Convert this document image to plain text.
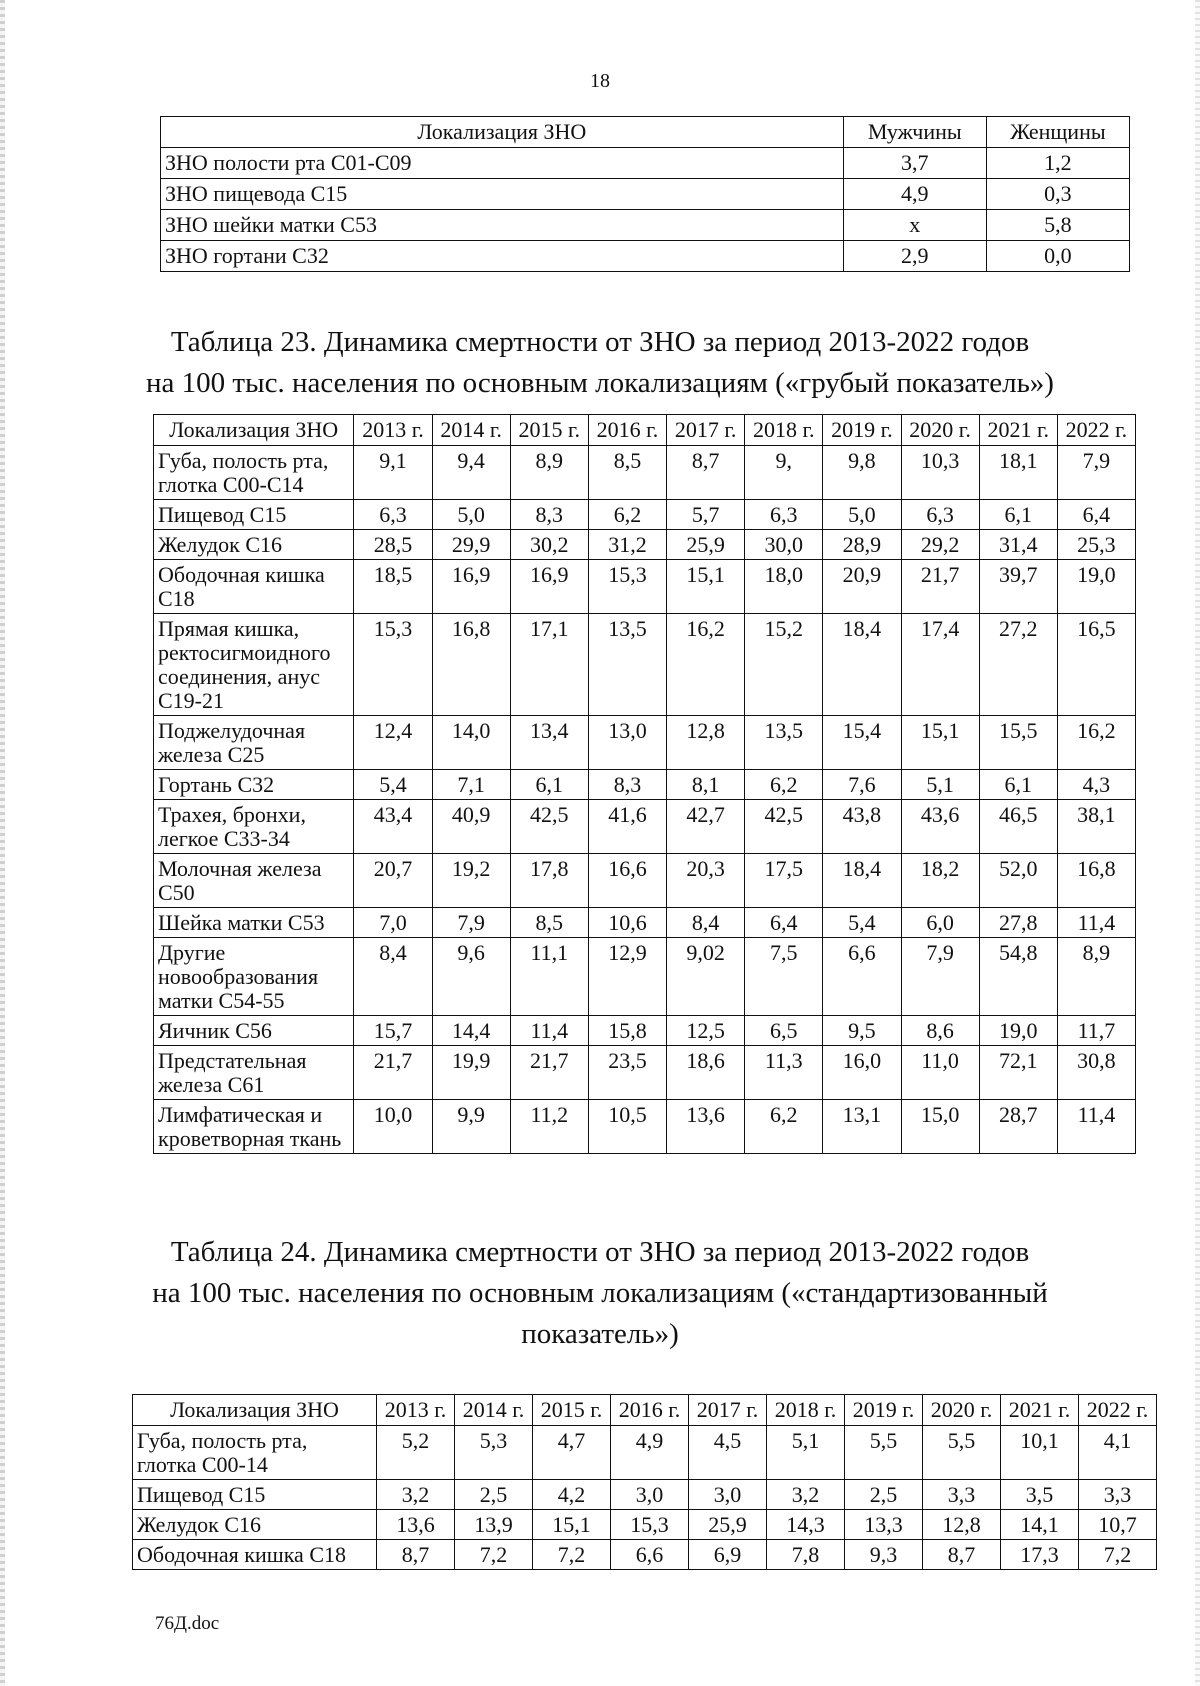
18
Локализация ЗНО	Мужчины	Женщины
ЗНО полости рта С01-С09	3,7	1,2
ЗНО пищевода С15	4,9	0,3
ЗНО шейки матки С53	х	5,8
ЗНО гортани С32	2,9	0,0
Таблица 23. Динамика смертности от ЗНО за период 2013-2022 годов
на 100 тыс. населения по основным локализациям («грубый показатель»)
Локализация ЗНО	2013 г.	2014 г.	2015 г.	2016 г.	2017 г.	2018 г.	2019 г.	2020 г.	2021 г.	2022 г.
Губа, полость рта, глотка С00-С14	9,1	9,4	8,9	8,5	8,7	9,	9,8	10,3	18,1	7,9
Пищевод С15	6,3	5,0	8,3	6,2	5,7	6,3	5,0	6,3	6,1	6,4
Желудок С16	28,5	29,9	30,2	31,2	25,9	30,0	28,9	29,2	31,4	25,3
Ободочная кишка С18	18,5	16,9	16,9	15,3	15,1	18,0	20,9	21,7	39,7	19,0
Прямая кишка, ректосигмоидного соединения, анус С19-21	15,3	16,8	17,1	13,5	16,2	15,2	18,4	17,4	27,2	16,5
Поджелудочная железа С25	12,4	14,0	13,4	13,0	12,8	13,5	15,4	15,1	15,5	16,2
Гортань С32	5,4	7,1	6,1	8,3	8,1	6,2	7,6	5,1	6,1	4,3
Трахея, бронхи, легкое С33-34	43,4	40,9	42,5	41,6	42,7	42,5	43,8	43,6	46,5	38,1
Молочная железа С50	20,7	19,2	17,8	16,6	20,3	17,5	18,4	18,2	52,0	16,8
Шейка матки С53	7,0	7,9	8,5	10,6	8,4	6,4	5,4	6,0	27,8	11,4
Другие новообразования матки С54-55	8,4	9,6	11,1	12,9	9,02	7,5	6,6	7,9	54,8	8,9
Яичник С56	15,7	14,4	11,4	15,8	12,5	6,5	9,5	8,6	19,0	11,7
Предстательная железа С61	21,7	19,9	21,7	23,5	18,6	11,3	16,0	11,0	72,1	30,8
Лимфатическая и кроветворная ткань	10,0	9,9	11,2	10,5	13,6	6,2	13,1	15,0	28,7	11,4
Таблица 24. Динамика смертности от ЗНО за период 2013-2022 годов
на 100 тыс. населения по основным локализациям («стандартизованный
показатель»)
Локализация ЗНО	2013 г.	2014 г.	2015 г.	2016 г.	2017 г.	2018 г.	2019 г.	2020 г.	2021 г.	2022 г.
Губа, полость рта, глотка С00-14	5,2	5,3	4,7	4,9	4,5	5,1	5,5	5,5	10,1	4,1
Пищевод С15	3,2	2,5	4,2	3,0	3,0	3,2	2,5	3,3	3,5	3,3
Желудок С16	13,6	13,9	15,1	15,3	25,9	14,3	13,3	12,8	14,1	10,7
Ободочная кишка С18	8,7	7,2	7,2	6,6	6,9	7,8	9,3	8,7	17,3	7,2
76Д.doc
